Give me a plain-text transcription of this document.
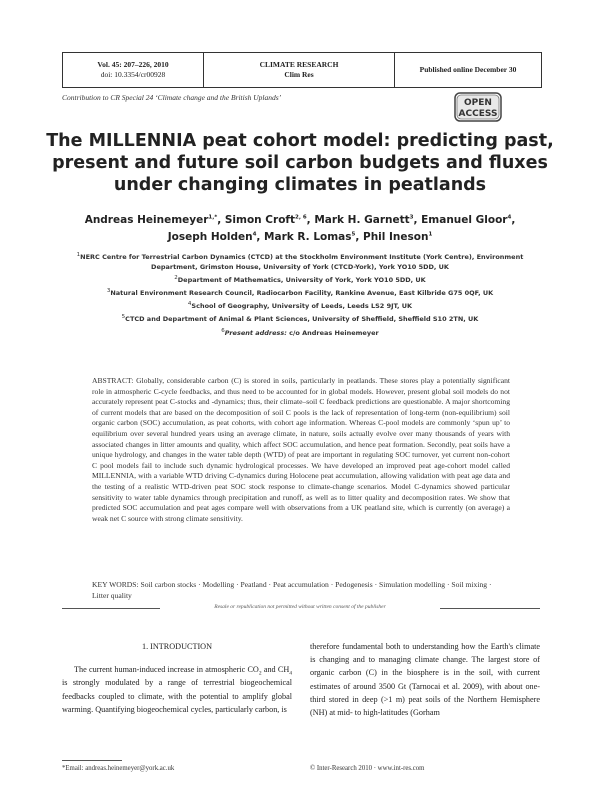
Vol. 45: 207–226, 2010
doi: 10.3354/cr00928
CLIMATE RESEARCH
Clim Res
Published online December 30
Contribution to CR Special 24 ‘Climate change and the British Uplands’
OPEN
ACCESS
The MILLENNIA peat cohort model: predicting past, present and future soil carbon budgets and fluxes under changing climates in peatlands
Andreas Heinemeyer$^{1,*}$, Simon Croft$^{2, 6}$, Mark H. Garnett$^3$, Emanuel Gloor$^4$,
Joseph Holden$^4$, Mark R. Lomas$^5$, Phil Ineson$^1$
$^1$NERC Centre for Terrestrial Carbon Dynamics (CTCD) at the Stockholm Environment Institute (York Centre), Environment Department, Grimston House, University of York (CTCD-York), York YO10 5DD, UK
$^2$Department of Mathematics, University of York, York YO10 5DD, UK
$^3$Natural Environment Research Council, Radiocarbon Facility, Rankine Avenue, East Kilbride G75 0QF, UK
$^4$School of Geography, University of Leeds, Leeds LS2 9JT, UK
$^5$CTCD and Department of Animal & Plant Sciences, University of Sheffield, Sheffield S10 2TN, UK
$^6$Present address: c/o Andreas Heinemeyer
ABSTRACT: Globally, considerable carbon (C) is stored in soils, particularly in peatlands. These stores play a potentially significant role in atmospheric C-cycle feedbacks, and thus need to be accounted for in global models. However, present global soil models do not accurately represent peat C-stocks and -dynamics; thus, their climate–soil C feedback predictions are questionable. A major shortcoming of current models that are based on the decomposition of soil C pools is the lack of representation of long-term (non-equilibrium) soil organic carbon (SOC) accumulation, as peat cohorts, with cohort age information. Whereas C-pool models are commonly ‘spun up’ to equilibrium over several hundred years using an average climate, in nature, soils actually evolve over many thousands of years with associated changes in litter amounts and quality, which affect SOC accumulation, and hence peat formation. Secondly, peat soils have a unique hydrology, and changes in the water table depth (WTD) of peat are important in regulating SOC turnover, yet current non-cohort C pool models fail to include such dynamic hydrological processes. We have developed an improved peat age-cohort model called MILLENNIA, with a variable WTD driving C-dynamics during Holocene peat accumulation, allowing validation with peat age data and the testing of a realistic WTD-driven peat SOC stock response to climate-change scenarios. Model C-dynamics showed particular sensitivity to water table dynamics through precipitation and runoff, as well as to litter quality and decomposition rates. We show that predicted SOC accumulation and peat ages compare well with observations from a UK peatland site, which is currently (on average) a weak net C source with strong climate sensitivity.
KEY WORDS: Soil carbon stocks · Modelling · Peatland · Peat accumulation · Pedogenesis · Simulation modelling · Soil mixing · Litter quality
Resale or republication not permitted without written consent of the publisher
1. INTRODUCTION
The current human-induced increase in atmospheric $CO_2$ and $CH_4$ is strongly modulated by a range of terrestrial biogeochemical feedbacks coupled to climate, with the potential to amplify global warming. Quantifying biogeochemical cycles, particularly carbon, is
therefore fundamental both to understanding how the Earth's climate is changing and to managing climate change. The largest store of organic carbon (C) in the biosphere is in the soil, with current estimates of around 3500 Gt (Tarnocai et al. 2009), with about one-third stored in deep (>1 m) peat soils of the Northern Hemisphere (NH) at mid- to high-latitudes (Gorham
*Email: andreas.heinemeyer@york.ac.uk	© Inter-Research 2010 · www.int-res.com
